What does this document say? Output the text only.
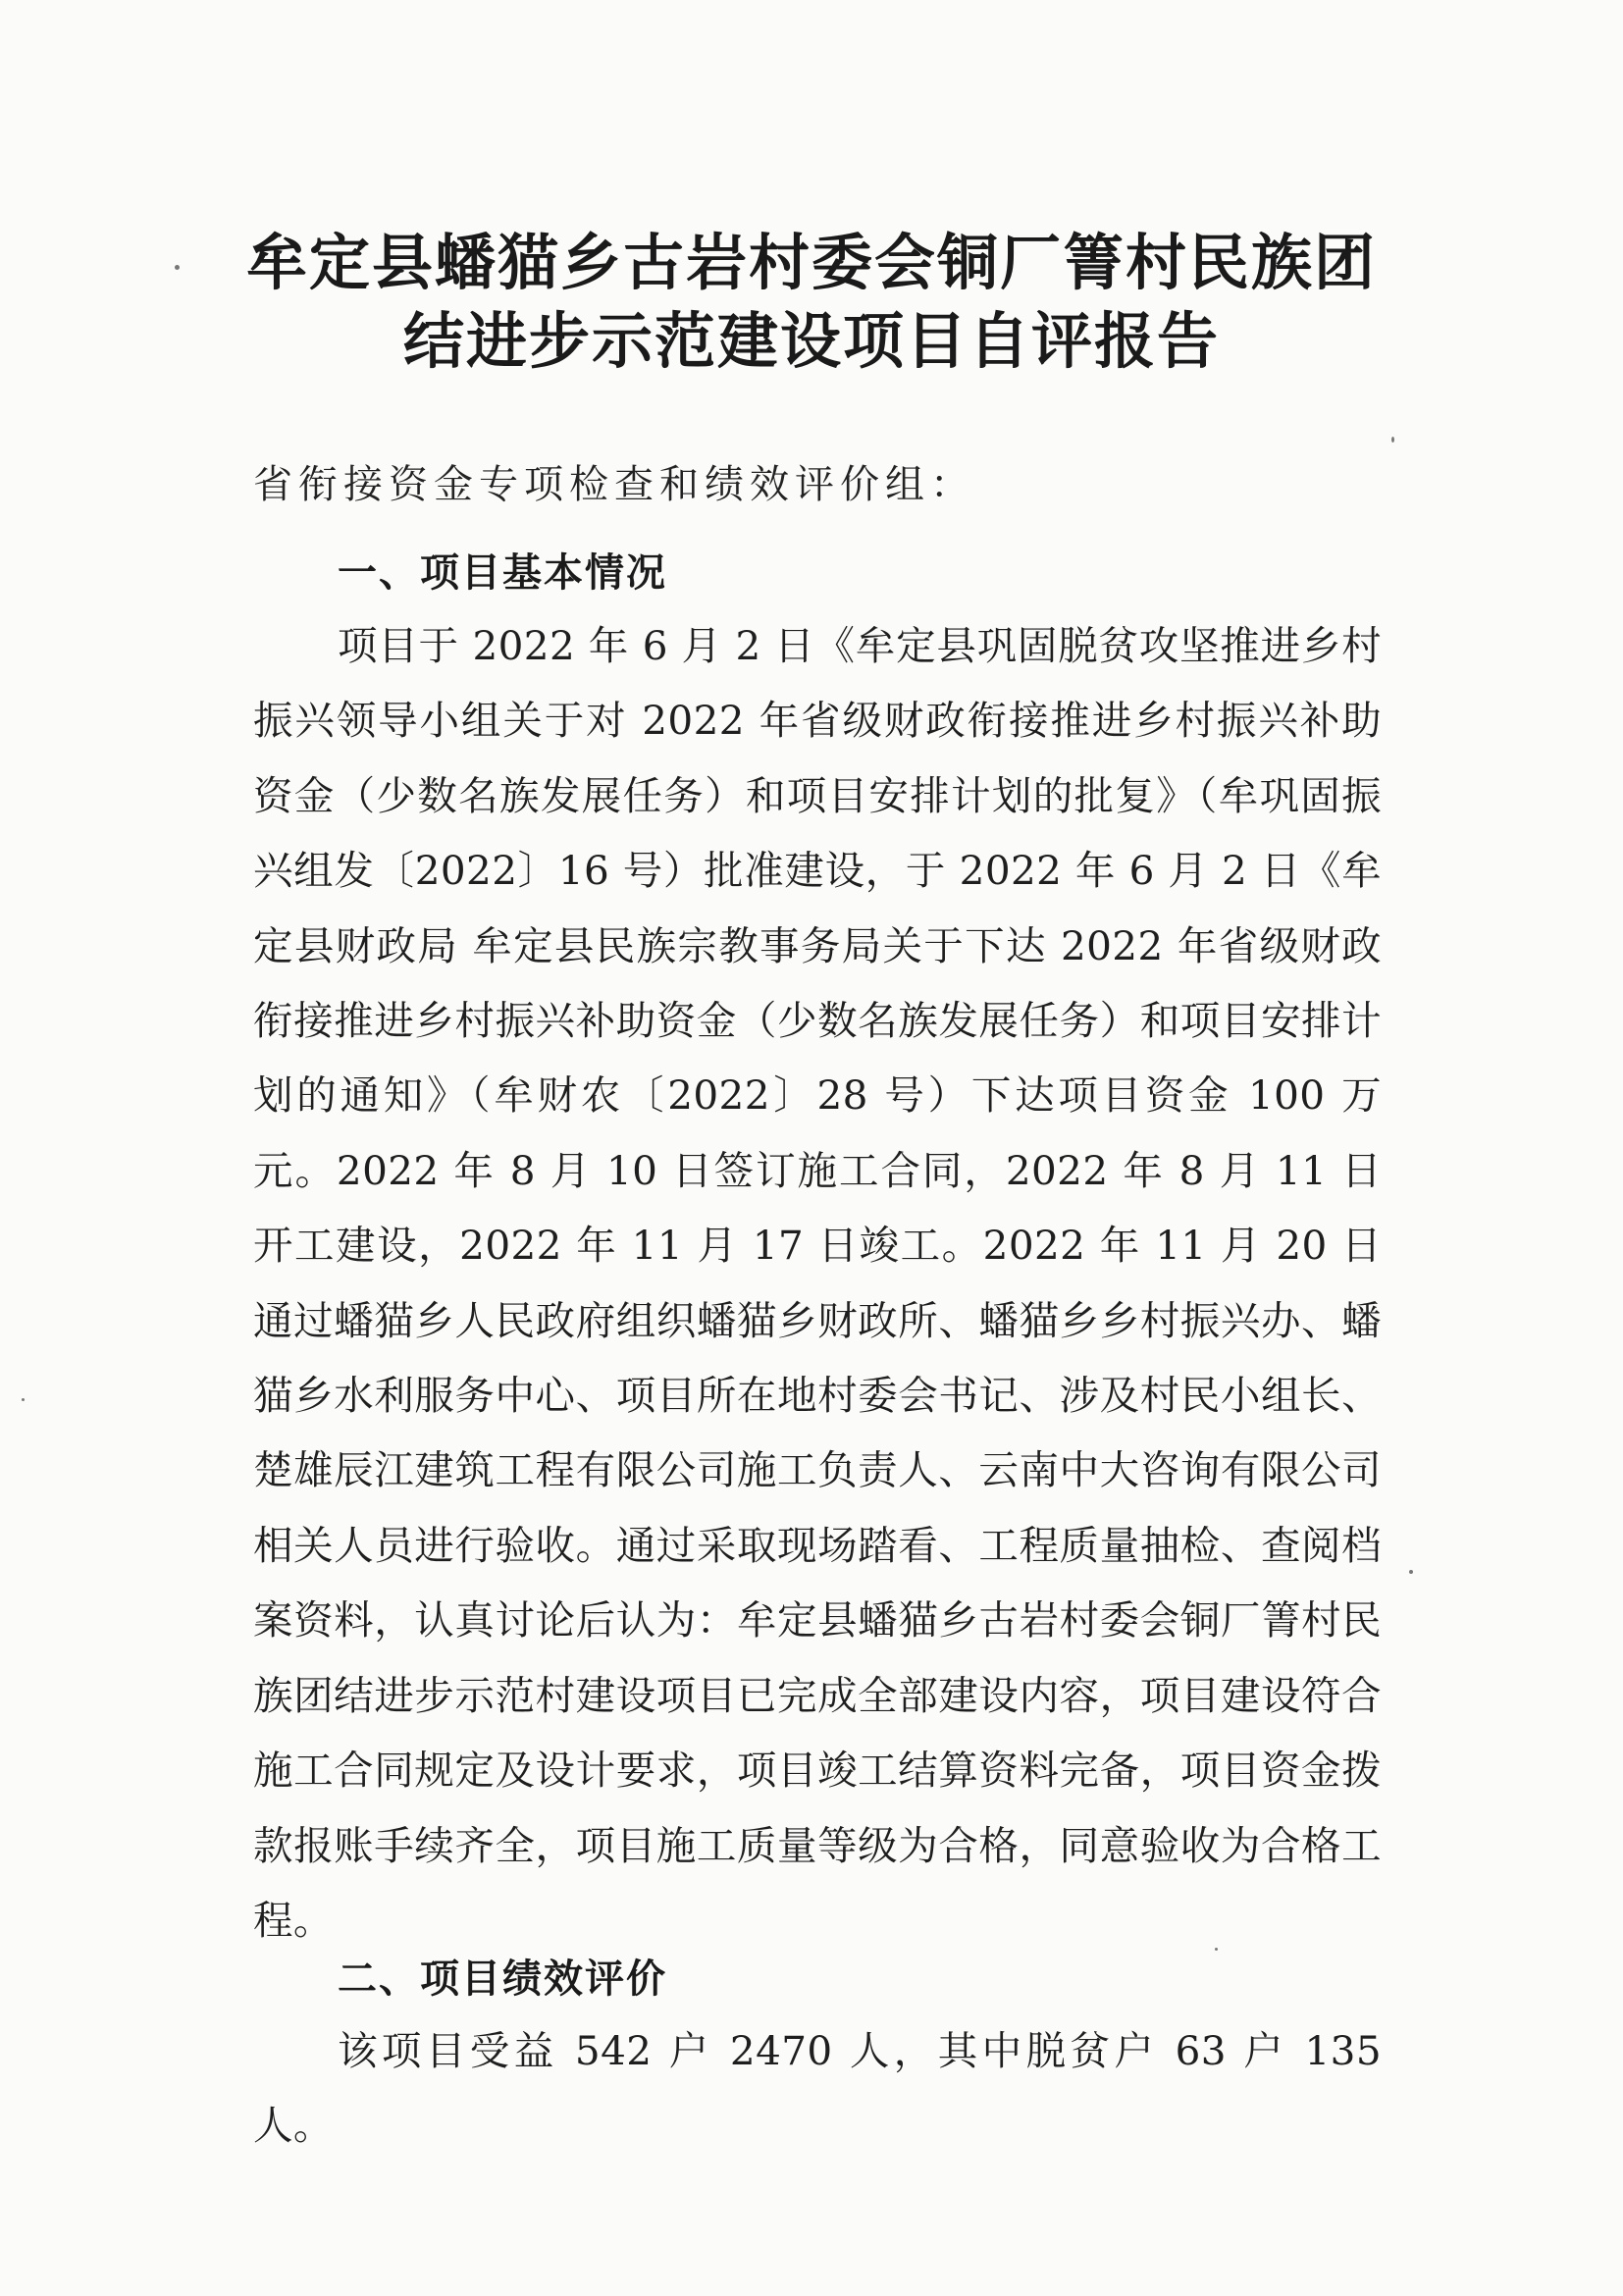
牟定县蟠猫乡古岩村委会铜厂箐村民族团
结进步示范建设项目自评报告

省衔接资金专项检查和绩效评价组：

一、项目基本情况

项目于 2022 年 6 月 2 日《牟定县巩固脱贫攻坚推进乡村振兴领导小组关于对 2022 年省级财政衔接推进乡村振兴补助资金（少数名族发展任务）和项目安排计划的批复》（牟巩固振兴组发〔2022〕16 号）批准建设，于 2022 年 6 月 2 日《牟定县财政局 牟定县民族宗教事务局关于下达 2022 年省级财政衔接推进乡村振兴补助资金（少数名族发展任务）和项目安排计划的通知》（牟财农〔2022〕28 号）下达项目资金 100 万元。2022 年 8 月 10 日签订施工合同，2022 年 8 月 11 日开工建设，2022 年 11 月 17 日竣工。2022 年 11 月 20 日通过蟠猫乡人民政府组织蟠猫乡财政所、蟠猫乡乡村振兴办、蟠猫乡水利服务中心、项目所在地村委会书记、涉及村民小组长、楚雄辰江建筑工程有限公司施工负责人、云南中大咨询有限公司相关人员进行验收。通过采取现场踏看、工程质量抽检、查阅档案资料，认真讨论后认为：牟定县蟠猫乡古岩村委会铜厂箐村民族团结进步示范村建设项目已完成全部建设内容，项目建设符合施工合同规定及设计要求，项目竣工结算资料完备，项目资金拨款报账手续齐全，项目施工质量等级为合格，同意验收为合格工程。

二、项目绩效评价

该项目受益 542 户 2470 人，其中脱贫户 63 户 135 人。
